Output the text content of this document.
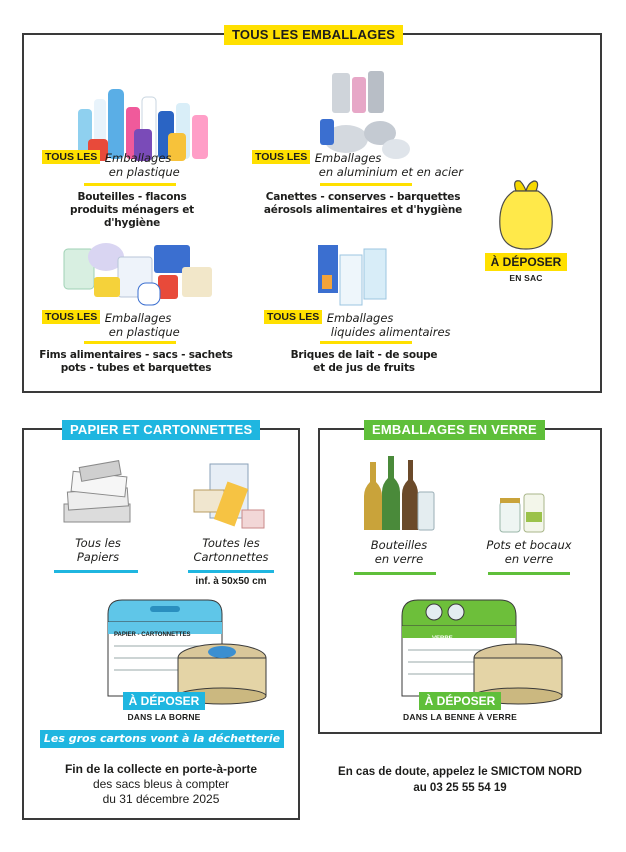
TOUS LES EMBALLAGES
$^{TOUS LES}$ Emballages
en plastique
Bouteilles - flacons
produits ménagers et d'hygiène
$^{TOUS LES}$ Emballages
en aluminium et en acier
Canettes - conserves - barquettes
aérosols alimentaires et d'hygiène
$^{TOUS LES}$ Emballages
en plastique
Fims alimentaires - sacs - sachets
pots - tubes et barquettes
$^{TOUS LES}$ Emballages
liquides alimentaires
Briques de lait - de soupe
et de jus de fruits
À DÉPOSER
EN SAC
PAPIER ET CARTONNETTES
Tous les
Papiers
Toutes les
Cartonnettes
inf. à 50x50 cm
PAPIER - CARTONNETTES
À DÉPOSER
DANS LA BORNE
Les gros cartons vont à la déchetterie
Fin de la collecte en porte-à-porte
des sacs bleus à compter
du 31 décembre 2025
EMBALLAGES EN VERRE
Bouteilles
en verre
Pots et bocaux
en verre
VERRE
À DÉPOSER
DANS LA BENNE À VERRE
En cas de doute, appelez le SMICTOM NORD
au 03 25 55 54 19
